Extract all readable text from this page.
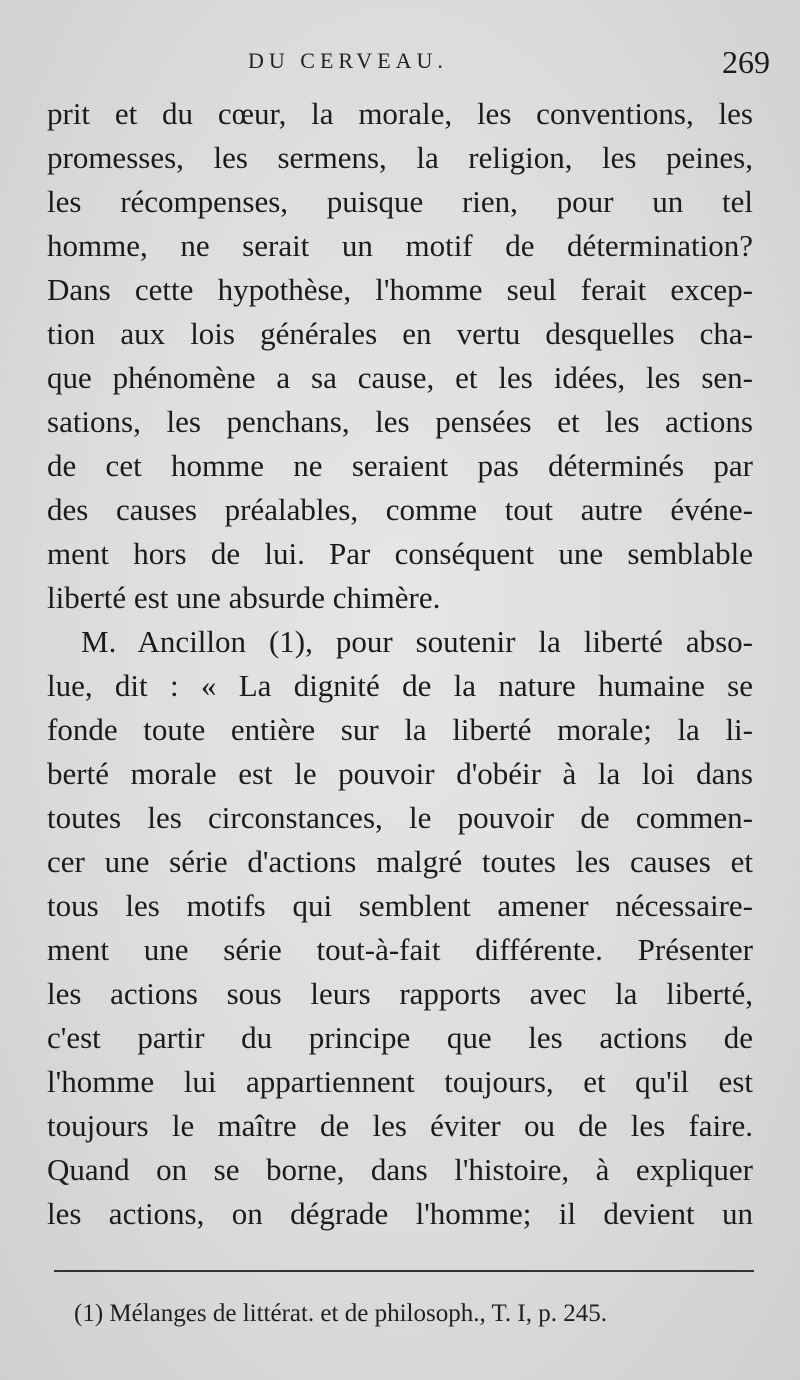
DU CERVEAU.	269
prit et du cœur, la morale, les conventions, les
promesses, les sermens, la religion, les peines,
les récompenses, puisque rien, pour un tel
homme, ne serait un motif de détermination?
Dans cette hypothèse, l'homme seul ferait excep-
tion aux lois générales en vertu desquelles cha-
que phénomène a sa cause, et les idées, les sen-
sations, les penchans, les pensées et les actions
de cet homme ne seraient pas déterminés par
des causes préalables, comme tout autre événe-
ment hors de lui. Par conséquent une semblable
liberté est une absurde chimère.
M. Ancillon (1), pour soutenir la liberté abso-
lue, dit : « La dignité de la nature humaine se
fonde toute entière sur la liberté morale; la li-
berté morale est le pouvoir d'obéir à la loi dans
toutes les circonstances, le pouvoir de commen-
cer une série d'actions malgré toutes les causes et
tous les motifs qui semblent amener nécessaire-
ment une série tout-à-fait différente. Présenter
les actions sous leurs rapports avec la liberté,
c'est partir du principe que les actions de
l'homme lui appartiennent toujours, et qu'il est
toujours le maître de les éviter ou de les faire.
Quand on se borne, dans l'histoire, à expliquer
les actions, on dégrade l'homme; il devient un
(1) Mélanges de littérat. et de philosoph., T. I, p. 245.
